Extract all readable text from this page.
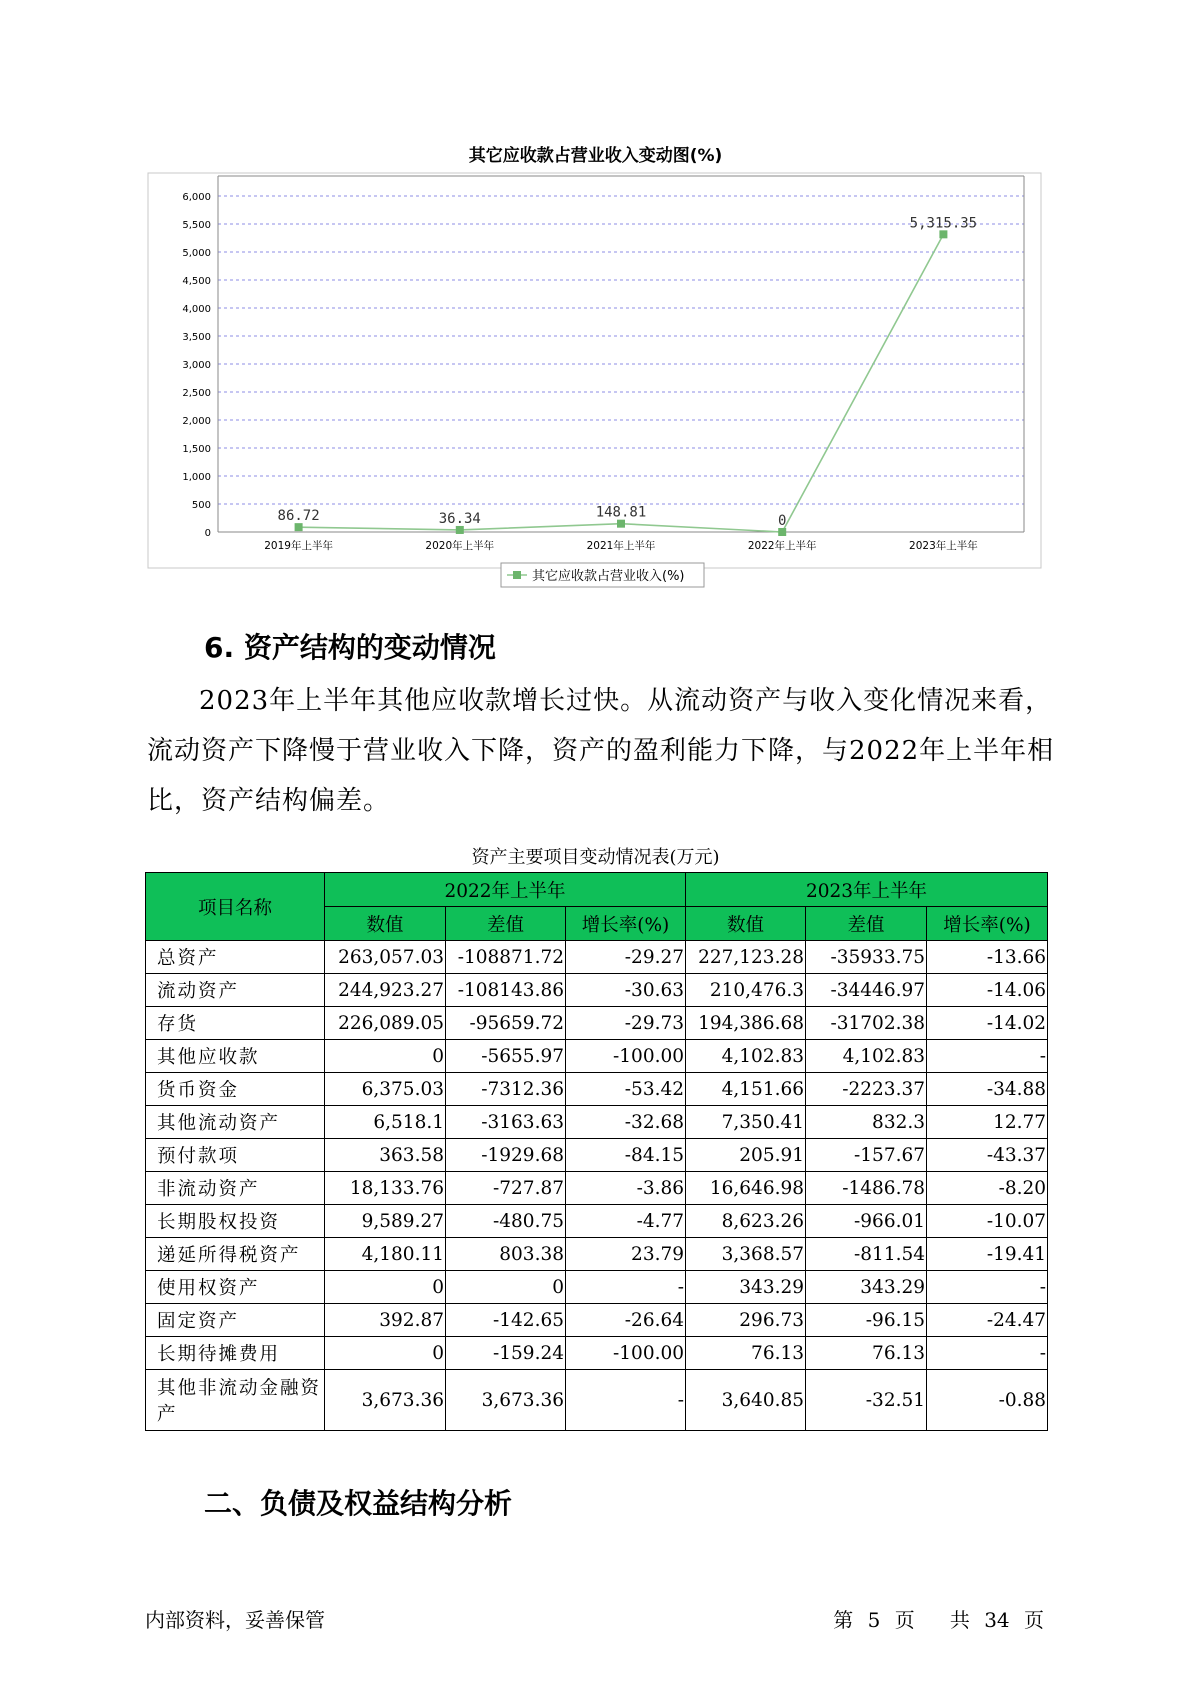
其它应收款占营业收入变动图(%)
0
500
1,000
1,500
2,000
2,500
3,000
3,500
4,000
4,500
5,000
5,500
6,000
2019年上半年	2020年上半年	2021年上半年	2022年上半年	2023年上半年
86.72	36.34	148.81
0
5,315.35
其它应收款占营业收入(%)
6. 资产结构的变动情况

2023年上半年其他应收款增长过快。从流动资产与收入变化情况来看，流动资产下降慢于营业收入下降，资产的盈利能力下降，与2022年上半年相比，资产结构偏差。

资产主要项目变动情况表(万元)
项目名称	2022年上半年			2023年上半年		
	数值	差值	增长率(%)	数值	差值	增长率(%)
总资产	263,057.03	-108871.72	-29.27	227,123.28	-35933.75	-13.66
流动资产	244,923.27	-108143.86	-30.63	210,476.3	-34446.97	-14.06
存货	226,089.05	-95659.72	-29.73	194,386.68	-31702.38	-14.02
其他应收款	0	-5655.97	-100.00	4,102.83	4,102.83	-
货币资金	6,375.03	-7312.36	-53.42	4,151.66	-2223.37	-34.88
其他流动资产	6,518.1	-3163.63	-32.68	7,350.41	832.3	12.77
预付款项	363.58	-1929.68	-84.15	205.91	-157.67	-43.37
非流动资产	18,133.76	-727.87	-3.86	16,646.98	-1486.78	-8.20
长期股权投资	9,589.27	-480.75	-4.77	8,623.26	-966.01	-10.07
递延所得税资产	4,180.11	803.38	23.79	3,368.57	-811.54	-19.41
使用权资产	0	0	-	343.29	343.29	-
固定资产	392.87	-142.65	-26.64	296.73	-96.15	-24.47
长期待摊费用	0	-159.24	-100.00	76.13	76.13	-
其他非流动金融资产	3,673.36	3,673.36	-	3,640.85	-32.51	-0.88
二、负债及权益结构分析
内部资料，妥善保管	第 5 页 共 34 页
